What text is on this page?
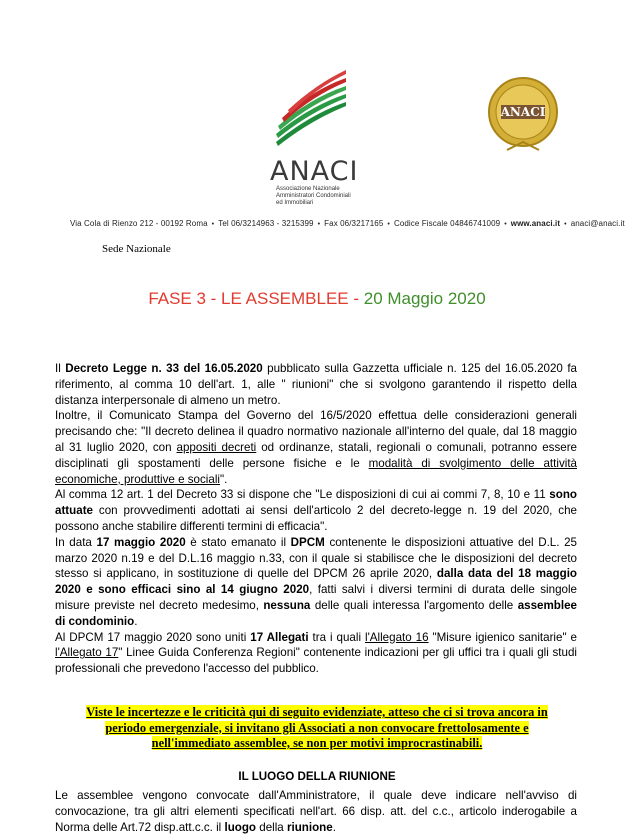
ANACI
Associazione Nazionale
Amministratori Condominiali
ed Immobiliari
ANACI
Via Cola di Rienzo 212 - 00192 Roma • Tel 06/3214963 - 3215399 • Fax 06/3217165 • Codice Fiscale 04846741009 • www.anaci.it • anaci@anaci.it
Sede Nazionale
FASE 3 - LE ASSEMBLEE - 20 Maggio 2020

Il Decreto Legge n. 33 del 16.05.2020 pubblicato sulla Gazzetta ufficiale n. 125 del 16.05.2020 fa riferimento, al comma 10 dell'art. 1, alle " riunioni" che si svolgono garantendo il rispetto della distanza interpersonale di almeno un metro.

Inoltre, il Comunicato Stampa del Governo del 16/5/2020 effettua delle considerazioni generali precisando che: "Il decreto delinea il quadro normativo nazionale all'interno del quale, dal 18 maggio al 31 luglio 2020, con appositi decreti od ordinanze, statali, regionali o comunali, potranno essere disciplinati gli spostamenti delle persone fisiche e le modalità di svolgimento delle attività economiche, produttive e sociali".

Al comma 12 art. 1 del Decreto 33 si dispone che "Le disposizioni di cui ai commi 7, 8, 10 e 11 sono attuate con provvedimenti adottati ai sensi dell'articolo 2 del decreto-legge n. 19 del 2020, che possono anche stabilire differenti termini di efficacia".

In data 17 maggio 2020 è stato emanato il DPCM contenente le disposizioni attuative del D.L. 25 marzo 2020 n.19 e del D.L.16 maggio n.33, con il quale si stabilisce che le disposizioni del decreto stesso si applicano, in sostituzione di quelle del DPCM 26 aprile 2020, dalla data del 18 maggio 2020 e sono efficaci sino al 14 giugno 2020, fatti salvi i diversi termini di durata delle singole misure previste nel decreto medesimo, nessuna delle quali interessa l'argomento delle assemblee di condominio.

Al DPCM 17 maggio 2020 sono uniti 17 Allegati tra i quali l'Allegato 16 "Misure igienico sanitarie" e l'Allegato 17" Linee Guida Conferenza Regioni" contenente indicazioni per gli uffici tra i quali gli studi professionali che prevedono l'accesso del pubblico.

Viste le incertezze e le criticità qui di seguito evidenziate, atteso che ci si trova ancora in periodo emergenziale, si invitano gli Associati a non convocare frettolosamente e nell'immediato assemblee, se non per motivi improcrastinabili.
IL LUOGO DELLA RIUNIONE
Le assemblee vengono convocate dall'Amministratore, il quale deve indicare nell'avviso di convocazione, tra gli altri elementi specificati nell'art. 66 disp. att. del c.c., articolo inderogabile a Norma delle Art.72 disp.att.c.c. il luogo della riunione.
